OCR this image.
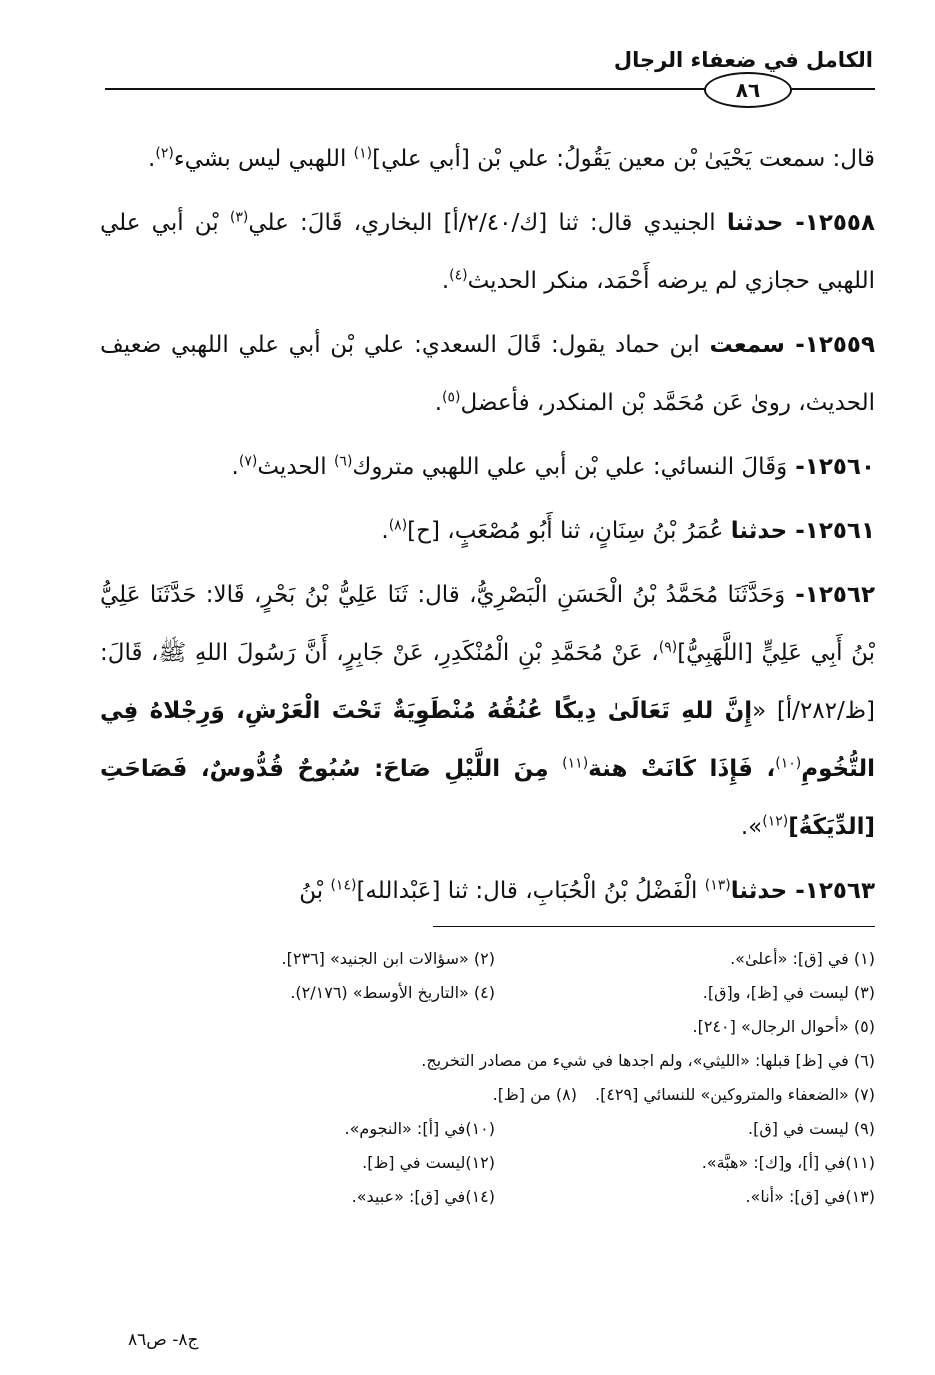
الكامل في ضعفاء الرجال
٨٦

قال: سمعت يَحْيَىٰ بْن معين يَقُولُ: علي بْن [أبي علي]$^{(١)}$ اللهبي ليس بشيء$^{(٢)}$.

١٢٥٥٨- حدثنا الجنيدي قال: ثنا [ك/٢/٤٠/أ] البخاري، قَالَ: علي$^{(٣)}$ بْن أبي علي اللهبي حجازي لم يرضه أَحْمَد، منكر الحديث$^{(٤)}$.

١٢٥٥٩- سمعت ابن حماد يقول: قَالَ السعدي: علي بْن أبي علي اللهبي ضعيف الحديث، روىٰ عَن مُحَمَّد بْن المنكدر، فأعضل$^{(٥)}$.

١٢٥٦٠- وَقَالَ النسائي: علي بْن أبي علي اللهبي متروك$^{(٦)}$ الحديث$^{(٧)}$.

١٢٥٦١- حدثنا عُمَرُ بْنُ سِنَانٍ، ثنا أَبُو مُصْعَبٍ، [ح]$^{(٨)}$.

١٢٥٦٢- وَحَدَّثَنَا مُحَمَّدُ بْنُ الْحَسَنِ الْبَصْرِيُّ، قال: ثَنَا عَلِيُّ بْنُ بَحْرٍ، قَالا: حَدَّثَنَا عَلِيُّ بْنُ أَبِي عَلِيٍّ [اللَّهَبِيُّ]$^{(٩)}$، عَنْ مُحَمَّدِ بْنِ الْمُنْكَدِرِ، عَنْ جَابِرٍ، أَنَّ رَسُولَ اللهِ ﷺ، قَالَ: [ظ/٢٨٢/أ] «إِنَّ للهِ تَعَالَىٰ دِيكًا عُنُقُهُ مُنْطَوِيَةٌ تَحْتَ الْعَرْشِ، وَرِجْلاهُ فِي التُّخُومِ$^{(١٠)}$، فَإِذَا كَانَتْ هنة$^{(١١)}$ مِنَ اللَّيْلِ صَاحَ: سُبُوحٌ قُدُّوسٌ، فَصَاحَتِ [الدِّيَكَةُ]$^{(١٢)}$».

١٢٥٦٣- حدثنا$^{(١٣)}$ الْفَضْلُ بْنُ الْحُبَابِ، قال: ثنا [عَبْدالله]$^{(١٤)}$ بْنُ

(١) في [ق]: «أعلىٰ».
(٢) «سؤالات ابن الجنيد» [٢٣٦].
(٣) ليست في [ظ]، و[ق].
(٤) «التاريخ الأوسط» (٢/١٧٦).
(٥) «أحوال الرجال» [٢٤٠].
(٦) في [ظ] قبلها: «الليثي»، ولم اجدها في شيء من مصادر التخريج.
(٧) «الضعفاء والمتروكين» للنسائي [٤٢٩].
(٨) من [ظ].
(٩) ليست في [ق].
(١٠)في [أ]: «النجوم».
(١١)في [أ]، و[ك]: «هبَّة».
(١٢)ليست في [ظ].
(١٣)في [ق]: «أنا».
(١٤)في [ق]: «عبيد».
ج٨- ص٨٦
